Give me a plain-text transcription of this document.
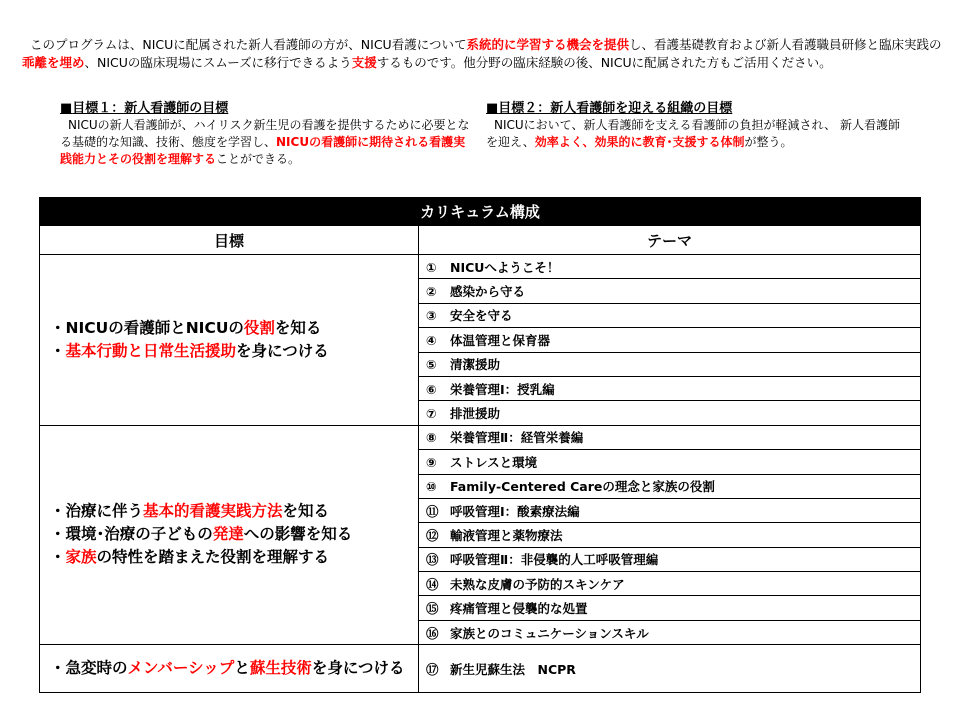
このプログラムは、NICUに配属された新人看護師の方が、NICU看護について系統的に学習する機会を提供し、看護基礎教育および新人看護職員研修と臨床実践の乖離を埋め、NICUの臨床現場にスムーズに移行できるよう支援するものです。他分野の臨床経験の後、NICUに配属された方もご活用ください。
■目標１：新人看護師の目標
NICUの新人看護師が、ハイリスク新生児の看護を提供するために必要となる基礎的な知識、技術、態度を学習し、NICUの看護師に期待される看護実践能力とその役割を理解することができる。
■目標２：新人看護師を迎える組織の目標
NICUにおいて、新人看護師を支える看護師の負担が軽減され、 新人看護師を迎え、効率よく、効果的に教育･支援する体制が整う。
カリキュラム構成	
目標	テーマ

・NICUの看護師とNICUの役割を知る
・基本行動と日常生活援助を身につける	① NICUへようこそ！
	② 感染から守る
	③ 安全を守る
	④ 体温管理と保育器
	⑤ 清潔援助
	⑥ 栄養管理Ⅰ：授乳編
	⑦ 排泄援助

・治療に伴う基本的看護実践方法を知る
・環境･治療の子どもの発達への影響を知る
・家族の特性を踏まえた役割を理解する	⑧ 栄養管理Ⅱ：経管栄養編
	⑨ ストレスと環境
	⑩ Family-Centered Careの理念と家族の役割
	⑪ 呼吸管理Ⅰ：酸素療法編
	⑫ 輸液管理と薬物療法
	⑬ 呼吸管理Ⅱ：非侵襲的人工呼吸管理編
	⑭ 未熟な皮膚の予防的スキンケア
	⑮ 疼痛管理と侵襲的な処置
	⑯ 家族とのコミュニケーションスキル

・急変時のメンバーシップと蘇生技術を身につける	⑰ 新生児蘇生法　NCPR
